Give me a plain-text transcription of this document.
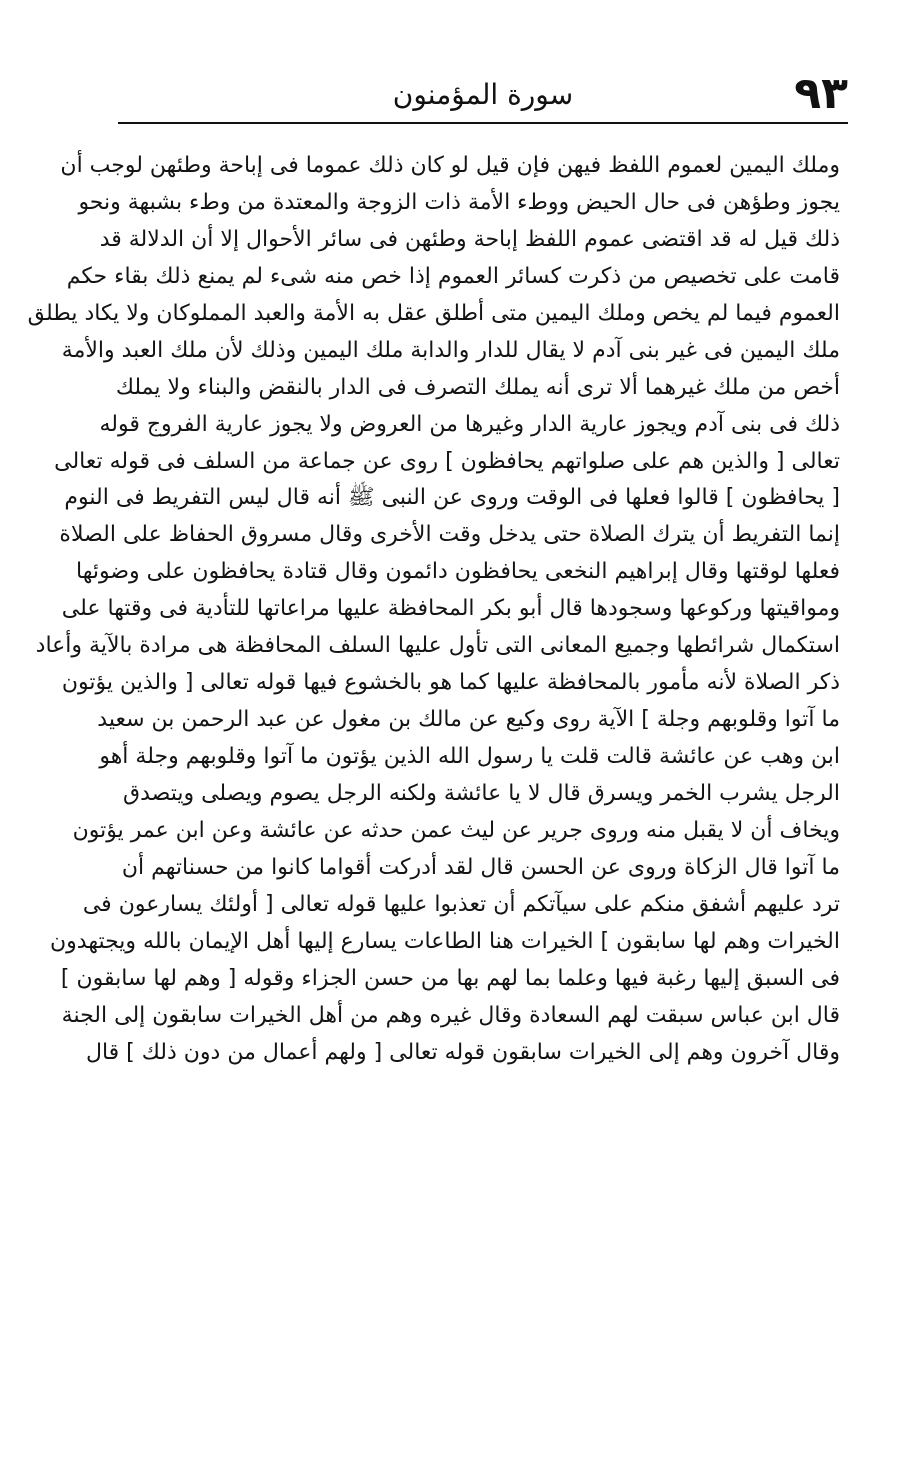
٩٣
سورة المؤمنون
وملك اليمين لعموم اللفظ فيهن فإن قيل لو كان ذلك عموما فى إباحة وطئهن لوجب أن
يجوز وطؤهن فى حال الحيض ووطء الأمة ذات الزوجة والمعتدة من وطء بشبهة ونحو
ذلك قيل له قد اقتضى عموم اللفظ إباحة وطئهن فى سائر الأحوال إلا أن الدلالة قد
قامت على تخصيص من ذكرت كسائر العموم إذا خص منه شىء لم يمنع ذلك بقاء حكم
العموم فيما لم يخص وملك اليمين متى أطلق عقل به الأمة والعبد المملوكان ولا يكاد يطلق
ملك اليمين فى غير بنى آدم لا يقال للدار والدابة ملك اليمين وذلك لأن ملك العبد والأمة
أخص من ملك غيرهما ألا ترى أنه يملك التصرف فى الدار بالنقض والبناء ولا يملك
ذلك فى بنى آدم ويجوز عارية الدار وغيرها من العروض ولا يجوز عارية الفروج قوله
تعالى [ والذين هم على صلواتهم يحافظون ] روى عن جماعة من السلف فى قوله تعالى
[ يحافظون ] قالوا فعلها فى الوقت وروى عن النبى ﷺ أنه قال ليس التفريط فى النوم
إنما التفريط أن يترك الصلاة حتى يدخل وقت الأخرى وقال مسروق الحفاظ على الصلاة
فعلها لوقتها وقال إبراهيم النخعى يحافظون دائمون وقال قتادة يحافظون على وضوئها
ومواقيتها وركوعها وسجودها قال أبو بكر المحافظة عليها مراعاتها للتأدية فى وقتها على
استكمال شرائطها وجميع المعانى التى تأول عليها السلف المحافظة هى مرادة بالآية وأعاد
ذكر الصلاة لأنه مأمور بالمحافظة عليها كما هو بالخشوع فيها قوله تعالى [ والذين يؤتون
ما آتوا وقلوبهم وجلة ] الآية روى وكيع عن مالك بن مغول عن عبد الرحمن بن سعيد
ابن وهب عن عائشة قالت قلت يا رسول الله الذين يؤتون ما آتوا وقلوبهم وجلة أهو
الرجل يشرب الخمر ويسرق قال لا يا عائشة ولكنه الرجل يصوم ويصلى ويتصدق
ويخاف أن لا يقبل منه وروى جرير عن ليث عمن حدثه عن عائشة وعن ابن عمر يؤتون
ما آتوا قال الزكاة وروى عن الحسن قال لقد أدركت أقواما كانوا من حسناتهم أن
ترد عليهم أشفق منكم على سيآتكم أن تعذبوا عليها قوله تعالى [ أولئك يسارعون فى
الخيرات وهم لها سابقون ] الخيرات هنا الطاعات يسارع إليها أهل الإيمان بالله ويجتهدون
فى السبق إليها رغبة فيها وعلما بما لهم بها من حسن الجزاء وقوله [ وهم لها سابقون ]
قال ابن عباس سبقت لهم السعادة وقال غيره وهم من أهل الخيرات سابقون إلى الجنة
وقال آخرون وهم إلى الخيرات سابقون قوله تعالى [ ولهم أعمال من دون ذلك ] قال
